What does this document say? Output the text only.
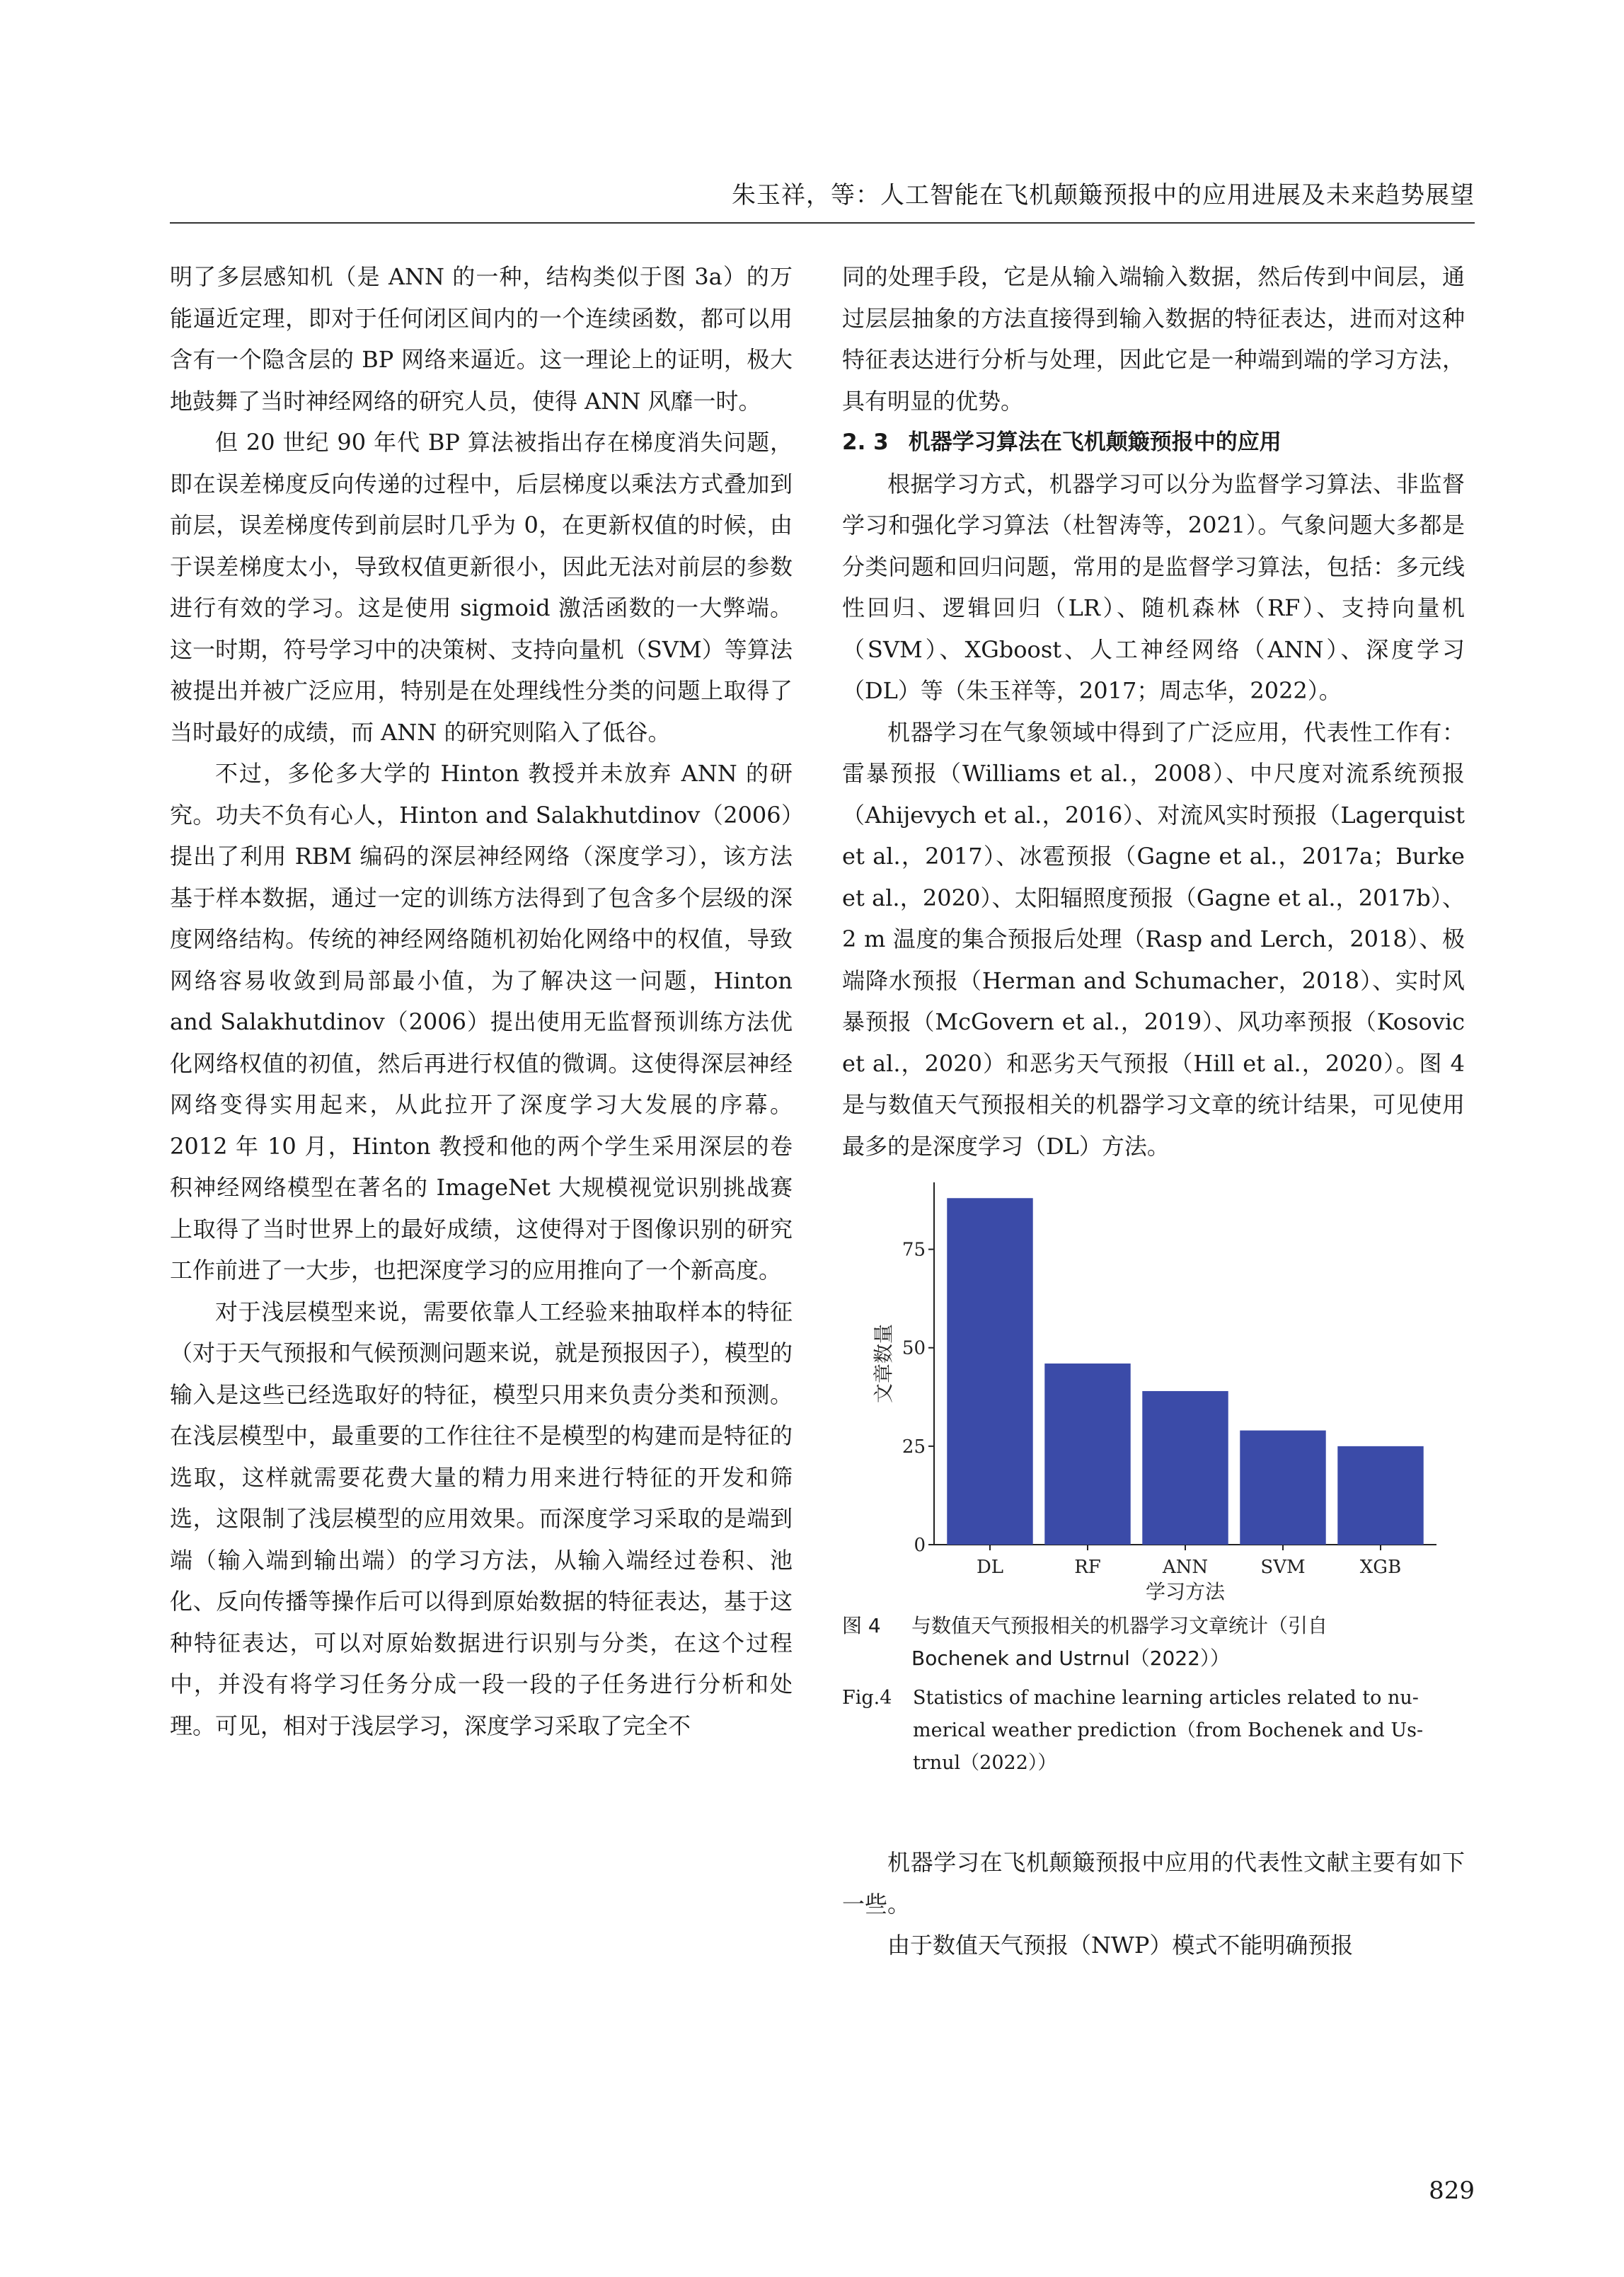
朱玉祥，等：人工智能在飞机颠簸预报中的应用进展及未来趋势展望

明了多层感知机（是 ANN 的一种，结构类似于图 3a）的万能逼近定理，即对于任何闭区间内的一个连续函数，都可以用含有一个隐含层的 BP 网络来逼近。这一理论上的证明，极大地鼓舞了当时神经网络的研究人员，使得 ANN 风靡一时。

但 20 世纪 90 年代 BP 算法被指出存在梯度消失问题，即在误差梯度反向传递的过程中，后层梯度以乘法方式叠加到前层，误差梯度传到前层时几乎为 0，在更新权值的时候，由于误差梯度太小，导致权值更新很小，因此无法对前层的参数进行有效的学习。这是使用 sigmoid 激活函数的一大弊端。这一时期，符号学习中的决策树、支持向量机（SVM）等算法被提出并被广泛应用，特别是在处理线性分类的问题上取得了当时最好的成绩，而 ANN 的研究则陷入了低谷。

不过，多伦多大学的 Hinton 教授并未放弃 ANN 的研究。功夫不负有心人，Hinton and Salakhutdinov（2006）提出了利用 RBM 编码的深层神经网络（深度学习），该方法基于样本数据，通过一定的训练方法得到了包含多个层级的深度网络结构。传统的神经网络随机初始化网络中的权值，导致网络容易收敛到局部最小值，为了解决这一问题，Hinton and Salakhutdinov（2006）提出使用无监督预训练方法优化网络权值的初值，然后再进行权值的微调。这使得深层神经网络变得实用起来，从此拉开了深度学习大发展的序幕。2012 年 10 月，Hinton 教授和他的两个学生采用深层的卷积神经网络模型在著名的 ImageNet 大规模视觉识别挑战赛上取得了当时世界上的最好成绩，这使得对于图像识别的研究工作前进了一大步，也把深度学习的应用推向了一个新高度。

对于浅层模型来说，需要依靠人工经验来抽取样本的特征（对于天气预报和气候预测问题来说，就是预报因子），模型的输入是这些已经选取好的特征，模型只用来负责分类和预测。在浅层模型中，最重要的工作往往不是模型的构建而是特征的选取，这样就需要花费大量的精力用来进行特征的开发和筛选，这限制了浅层模型的应用效果。而深度学习采取的是端到端（输入端到输出端）的学习方法，从输入端经过卷积、池化、反向传播等操作后可以得到原始数据的特征表达，基于这种特征表达，可以对原始数据进行识别与分类，在这个过程中，并没有将学习任务分成一段一段的子任务进行分析和处理。可见，相对于浅层学习，深度学习采取了完全不

同的处理手段，它是从输入端输入数据，然后传到中间层，通过层层抽象的方法直接得到输入数据的特征表达，进而对这种特征表达进行分析与处理，因此它是一种端到端的学习方法，具有明显的优势。

2. 3 机器学习算法在飞机颠簸预报中的应用

根据学习方式，机器学习可以分为监督学习算法、非监督学习和强化学习算法（杜智涛等，2021）。气象问题大多都是分类问题和回归问题，常用的是监督学习算法，包括：多元线性回归、逻辑回归（LR）、随机森林（RF）、支持向量机（SVM）、XGboost、人工神经网络（ANN）、深度学习（DL）等（朱玉祥等，2017；周志华，2022）。

机器学习在气象领域中得到了广泛应用，代表性工作有：雷暴预报（Williams et al.，2008）、中尺度对流系统预报（Ahijevych et al.，2016）、对流风实时预报（Lagerquist et al.，2017）、冰雹预报（Gagne et al.，2017a；Burke et al.，2020）、太阳辐照度预报（Gagne et al.，2017b）、2 m 温度的集合预报后处理（Rasp and Lerch，2018）、极端降水预报（Herman and Schumacher，2018）、实时风暴预报（McGovern et al.，2019）、风功率预报（Kosovic et al.，2020）和恶劣天气预报（Hill et al.，2020）。图 4 是与数值天气预报相关的机器学习文章的统计结果，可见使用最多的是深度学习（DL）方法。

0
25
50
75
DL	RF	ANN	SVM	XGB
学习方法
文章数量
图 4 与数值天气预报相关的机器学习文章统计（引自
Bochenek and Ustrnul（2022））
Fig.4 Statistics of machine learning articles related to nu-
merical weather prediction（from Bochenek and Us-
trnul（2022））

机器学习在飞机颠簸预报中应用的代表性文献主要有如下一些。

由于数值天气预报（NWP）模式不能明确预报

829
